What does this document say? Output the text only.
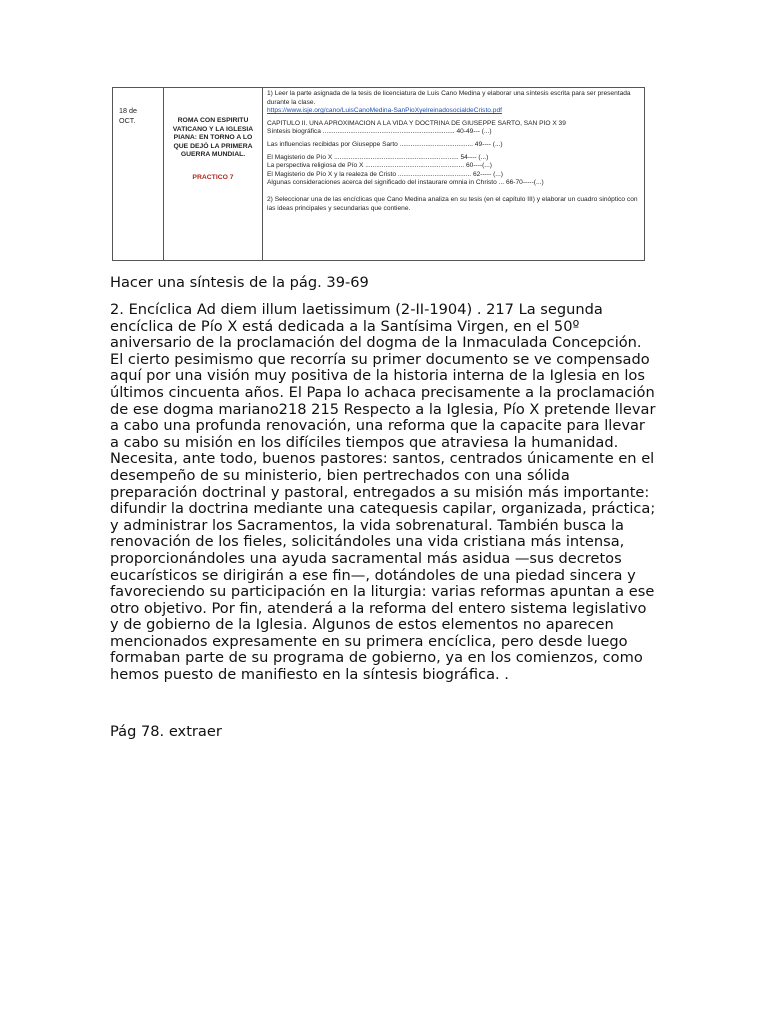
18 de
OCT.	ROMA CON ESPIRITU
VATICANO Y LA IGLESIA
PIANA: EN TORNO A LO
QUE DEJÓ LA PRIMERA
GUERRA MUNDIAL.
PRACTICO 7
1) Leer la parte asignada de la tesis de licenciatura de Luis Cano Medina y elaborar una síntesis escrita para ser presentada durante la clase.
https://www.isje.org/cano/LuisCanoMedina-SanPioXyelreinadosocialdeCristo.pdf
CAPÍTULO II. UNA APROXIMACIÓN A LA VIDA Y DOCTRINA DE GIUSEPPE SARTO, SAN PÍO X 39
Síntesis biográfica ........................................................................ 40-49--- (...)
Las influencias recibidas por Giuseppe Sarto ........................................ 49---- (...)
El Magisterio de Pío X .................................................................... 54---- (...)
La perspectiva religiosa de Pío X ...................................................... 60----(...)
El Magisterio de Pío X y la realeza de Cristo ........................................ 62----- (...)
Algunas consideraciones acerca del significado del instaurare omnia in Christo ... 66-70-----(...)
2) Seleccionar una de las encíclicas que Cano Medina analiza en su tesis (en el capítulo III) y elaborar un cuadro sinóptico con las ideas principales y secundarias que contiene.

Hacer una síntesis de la pág. 39-69

2. Encíclica Ad diem illum laetissimum (2-II-1904) . 217 La segunda encíclica de Pío X está dedicada a la Santísima Virgen, en el 50º aniversario de la proclamación del dogma de la Inmaculada Concepción. El cierto pesimismo que recorría su primer documento se ve compensado aquí por una visión muy positiva de la historia interna de la Iglesia en los últimos cincuenta años. El Papa lo achaca precisamente a la proclamación de ese dogma mariano218 215 Respecto a la Iglesia, Pío X pretende llevar a cabo una profunda renovación, una reforma que la capacite para llevar a cabo su misión en los difíciles tiempos que atraviesa la humanidad. Necesita, ante todo, buenos pastores: santos, centrados únicamente en el desempeño de su ministerio, bien pertrechados con una sólida preparación doctrinal y pastoral, entregados a su misión más importante: difundir la doctrina mediante una catequesis capilar, organizada, práctica; y administrar los Sacramentos, la vida sobrenatural. También busca la renovación de los fieles, solicitándoles una vida cristiana más intensa, proporcionándoles una ayuda sacramental más asidua —sus decretos eucarísticos se dirigirán a ese fin—, dotándoles de una piedad sincera y favoreciendo su participación en la liturgia: varias reformas apuntan a ese otro objetivo. Por fin, atenderá a la reforma del entero sistema legislativo y de gobierno de la Iglesia. Algunos de estos elementos no aparecen mencionados expresamente en su primera encíclica, pero desde luego formaban parte de su programa de gobierno, ya en los comienzos, como hemos puesto de manifiesto en la síntesis biográfica. .

Pág 78. extraer
